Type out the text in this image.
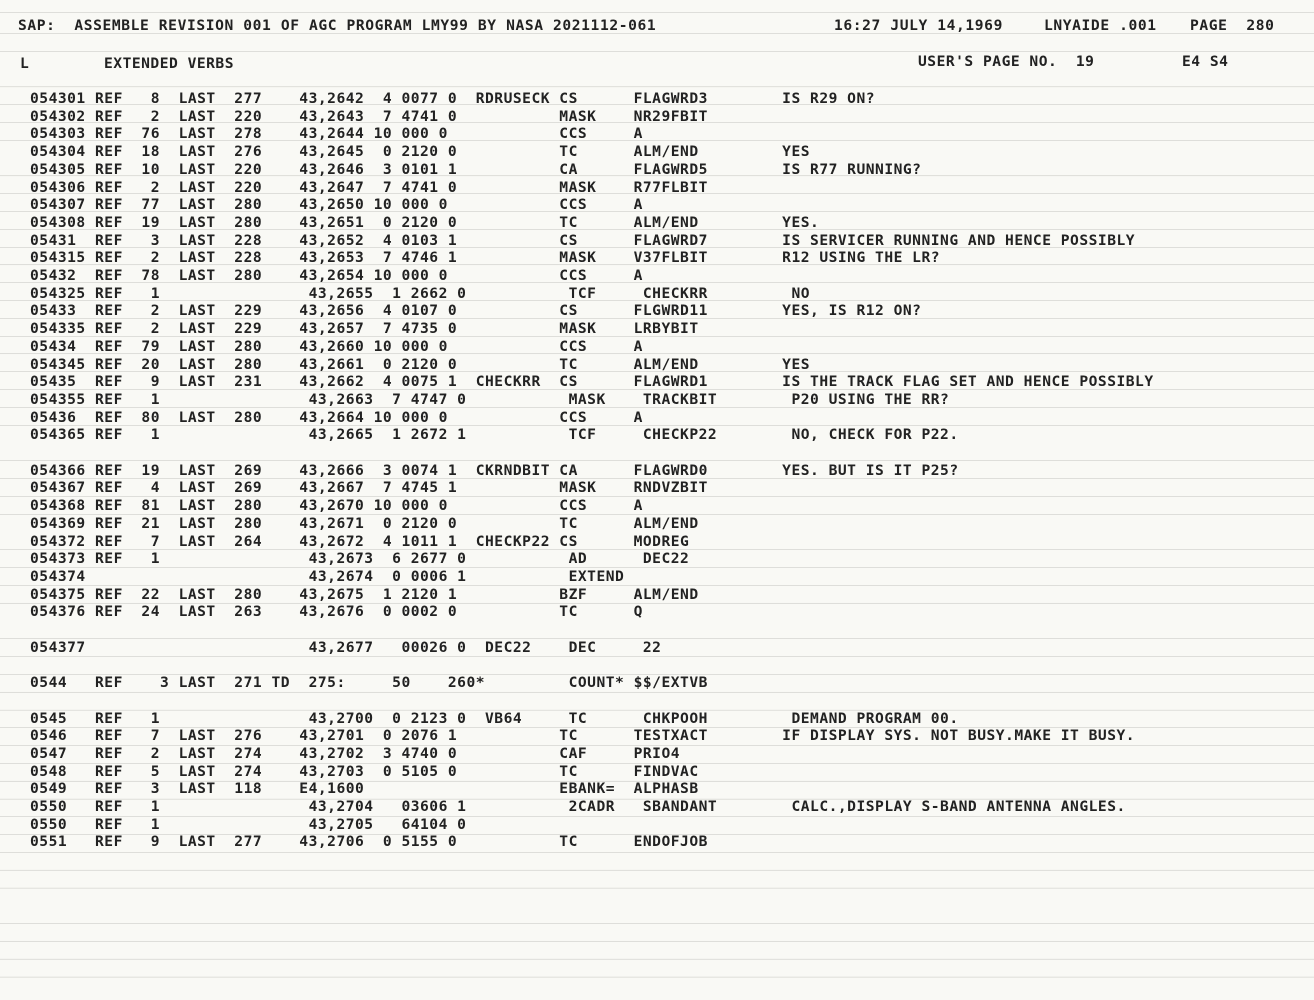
SAP:  ASSEMBLE REVISION 001 OF AGC PROGRAM LMY99 BY NASA 2021112-061	16:27 JULY 14,1969	LNYAIDE .001 PAGE  280
L	EXTENDED VERBS	USER'S PAGE NO.  19	E4 S4
054301 REF   8  LAST  277    43,2642  4 0077 0  RDRUSECK CS      FLAGWRD3        IS R29 ON?
054302 REF   2  LAST  220    43,2643  7 4741 0           MASK    NR29FBIT
054303 REF  76  LAST  278    43,2644 10 000 0            CCS     A
054304 REF  18  LAST  276    43,2645  0 2120 0           TC      ALM/END         YES
054305 REF  10  LAST  220    43,2646  3 0101 1           CA      FLAGWRD5        IS R77 RUNNING?
054306 REF   2  LAST  220    43,2647  7 4741 0           MASK    R77FLBIT
054307 REF  77  LAST  280    43,2650 10 000 0            CCS     A
054308 REF  19  LAST  280    43,2651  0 2120 0           TC      ALM/END         YES.
05431  REF   3  LAST  228    43,2652  4 0103 1           CS      FLAGWRD7        IS SERVICER RUNNING AND HENCE POSSIBLY
054315 REF   2  LAST  228    43,2653  7 4746 1           MASK    V37FLBIT        R12 USING THE LR?
05432  REF  78  LAST  280    43,2654 10 000 0            CCS     A
054325 REF   1                43,2655  1 2662 0           TCF     CHECKRR         NO
05433  REF   2  LAST  229    43,2656  4 0107 0           CS      FLGWRD11        YES, IS R12 ON?
054335 REF   2  LAST  229    43,2657  7 4735 0           MASK    LRBYBIT
05434  REF  79  LAST  280    43,2660 10 000 0            CCS     A
054345 REF  20  LAST  280    43,2661  0 2120 0           TC      ALM/END         YES
05435  REF   9  LAST  231    43,2662  4 0075 1  CHECKRR  CS      FLAGWRD1        IS THE TRACK FLAG SET AND HENCE POSSIBLY
054355 REF   1                43,2663  7 4747 0           MASK    TRACKBIT        P20 USING THE RR?
05436  REF  80  LAST  280    43,2664 10 000 0            CCS     A
054365 REF   1                43,2665  1 2672 1           TCF     CHECKP22        NO, CHECK FOR P22.
054366 REF  19  LAST  269    43,2666  3 0074 1  CKRNDBIT CA      FLAGWRD0        YES. BUT IS IT P25?
054367 REF   4  LAST  269    43,2667  7 4745 1           MASK    RNDVZBIT
054368 REF  81  LAST  280    43,2670 10 000 0            CCS     A
054369 REF  21  LAST  280    43,2671  0 2120 0           TC      ALM/END
054372 REF   7  LAST  264    43,2672  4 1011 1  CHECKP22 CS      MODREG
054373 REF   1                43,2673  6 2677 0           AD      DEC22
054374                        43,2674  0 0006 1           EXTEND
054375 REF  22  LAST  280    43,2675  1 2120 1           BZF     ALM/END
054376 REF  24  LAST  263    43,2676  0 0002 0           TC      Q
054377                        43,2677   00026 0  DEC22    DEC     22
0544   REF    3 LAST  271 TD  275:     50    260*         COUNT* $$/EXTVB
0545   REF   1                43,2700  0 2123 0  VB64     TC      CHKPOOH         DEMAND PROGRAM 00.
0546   REF   7  LAST  276    43,2701  0 2076 1           TC      TESTXACT        IF DISPLAY SYS. NOT BUSY.MAKE IT BUSY.
0547   REF   2  LAST  274    43,2702  3 4740 0           CAF     PRIO4
0548   REF   5  LAST  274    43,2703  0 5105 0           TC      FINDVAC
0549   REF   3  LAST  118    E4,1600                     EBANK=  ALPHASB
0550   REF   1                43,2704   03606 1           2CADR   SBANDANT        CALC.,DISPLAY S-BAND ANTENNA ANGLES.
0550   REF   1                43,2705   64104 0
0551   REF   9  LAST  277    43,2706  0 5155 0           TC      ENDOFJOB
